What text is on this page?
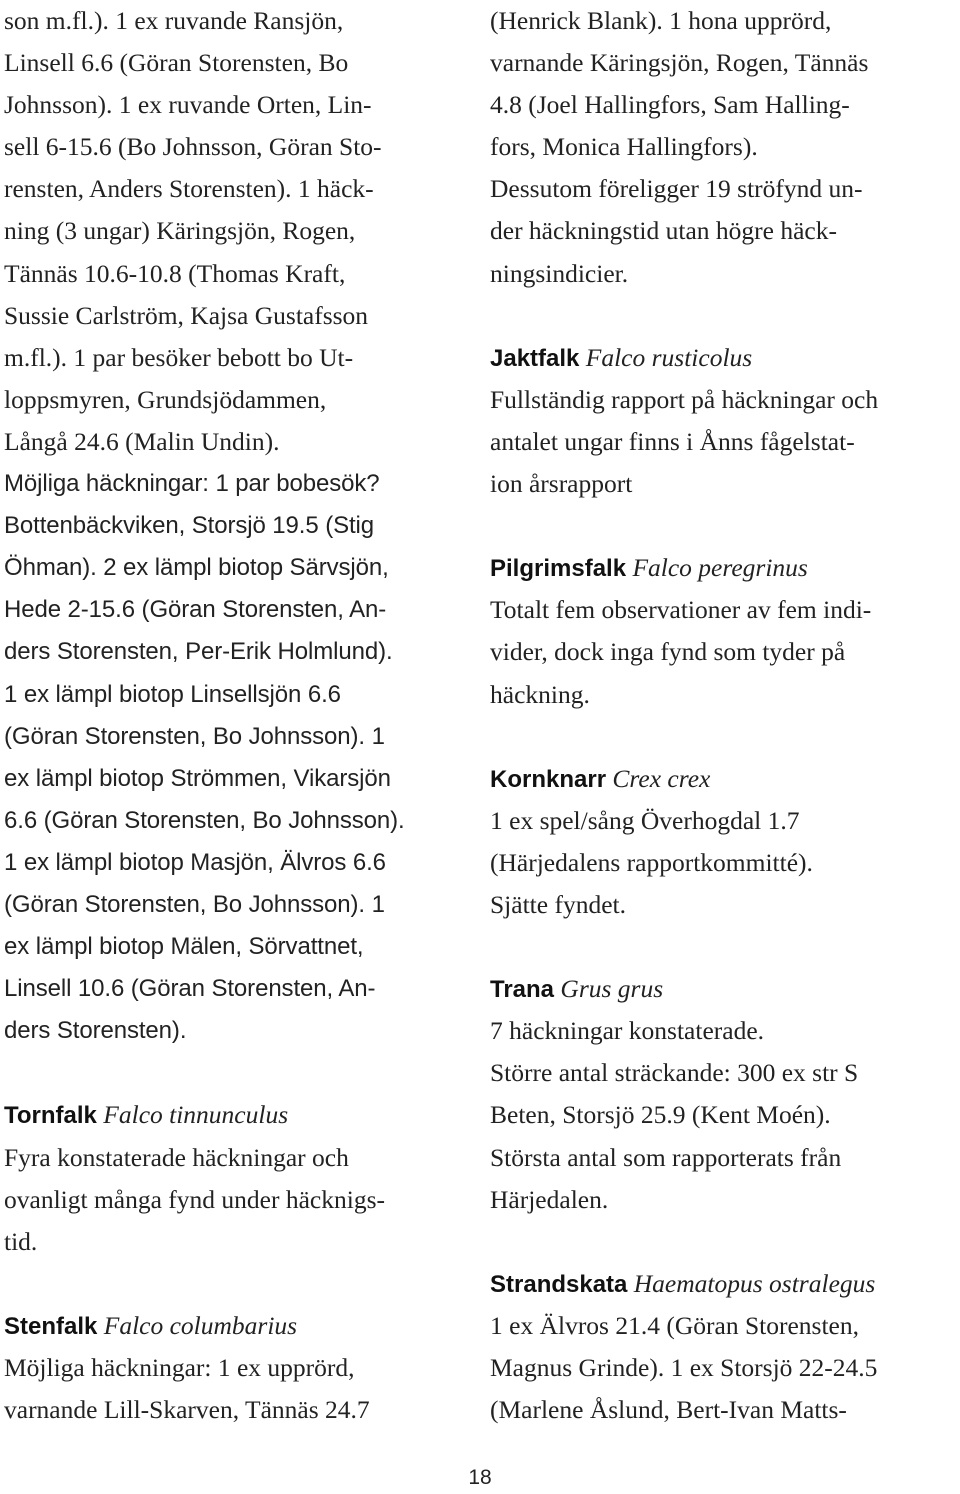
son m.fl.). 1 ex ruvande Ransjön,
Linsell 6.6 (Göran Storensten, Bo
Johnsson). 1 ex ruvande Orten, Lin-
sell 6-15.6 (Bo Johnsson, Göran Sto-
rensten, Anders Storensten). 1 häck-
ning (3 ungar) Käringsjön, Rogen,
Tännäs 10.6-10.8 (Thomas Kraft,
Sussie Carlström, Kajsa Gustafsson
m.fl.). 1 par besöker bebott bo Ut-
loppsmyren, Grundsjödammen,
Långå 24.6 (Malin Undin).
Möjliga häckningar: 1 par bobesök?
Bottenbäckviken, Storsjö 19.5 (Stig
Öhman). 2 ex lämpl biotop Särvsjön,
Hede 2-15.6 (Göran Storensten, An-
ders Storensten, Per-Erik Holmlund).
1 ex lämpl biotop Linsellsjön 6.6
(Göran Storensten, Bo Johnsson). 1
ex lämpl biotop Strömmen, Vikarsjön
6.6 (Göran Storensten, Bo Johnsson).
1 ex lämpl biotop Masjön, Älvros 6.6
(Göran Storensten, Bo Johnsson). 1
ex lämpl biotop Mälen, Sörvattnet,
Linsell 10.6 (Göran Storensten, An-
ders Storensten).
Tornfalk Falco tinnunculus
Fyra konstaterade häckningar och
ovanligt många fynd under häcknigs-
tid.
Stenfalk Falco columbarius
Möjliga häckningar: 1 ex upprörd,
varnande Lill-Skarven, Tännäs 24.7
(Henrick Blank). 1 hona upprörd,
varnande Käringsjön, Rogen, Tännäs
4.8 (Joel Hallingfors, Sam Halling-
fors, Monica Hallingfors).
Dessutom föreligger 19 ströfynd un-
der häckningstid utan högre häck-
ningsindicier.
Jaktfalk Falco rusticolus
Fullständig rapport på häckningar och
antalet ungar finns i Ånns fågelstat-
ion årsrapport
Pilgrimsfalk Falco peregrinus
Totalt fem observationer av fem indi-
vider, dock inga fynd som tyder på
häckning.
Kornknarr Crex crex
1 ex spel/sång Överhogdal 1.7
(Härjedalens rapportkommitté).
Sjätte fyndet.
Trana Grus grus
7 häckningar konstaterade.
Större antal sträckande: 300 ex str S
Beten, Storsjö 25.9 (Kent Moén).
Största antal som rapporterats från
Härjedalen.
Strandskata Haematopus ostralegus
1 ex Älvros 21.4 (Göran Storensten,
Magnus Grinde). 1 ex Storsjö 22-24.5
(Marlene Åslund, Bert-Ivan Matts-
18
